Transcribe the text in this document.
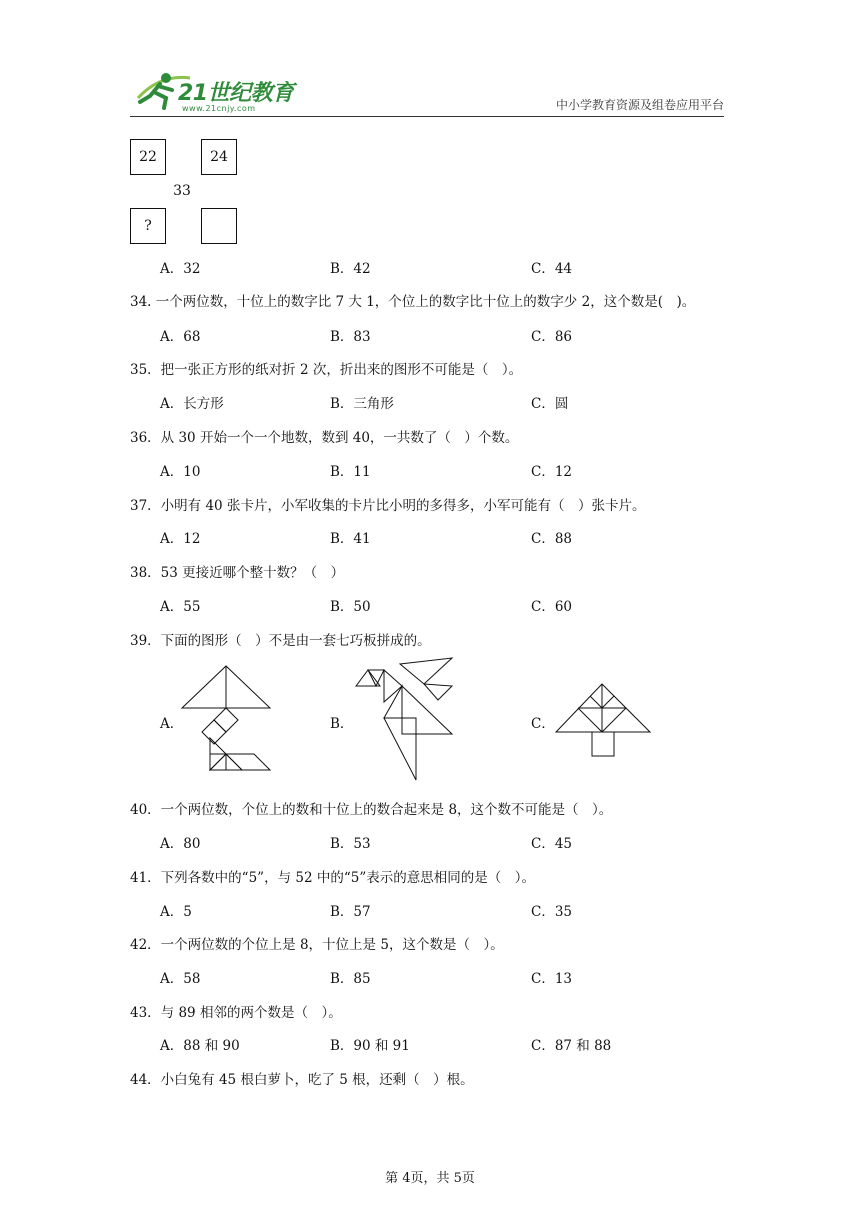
21世纪教育
www.21cnjy.com	中小学教育资源及组卷应用平台
22	24
33
?
A．32	B．42	C．44
34. 一个两位数，十位上的数字比 7 大 1，个位上的数字比十位上的数字少 2，这个数是(　)。
A．68	B．83	C．86
35．把一张正方形的纸对折 2 次，折出来的图形不可能是（　）。
A．长方形	B．三角形	C．圆
36．从 30 开始一个一个地数，数到 40，一共数了（　）个数。
A．10	B．11	C．12
37．小明有 40 张卡片，小军收集的卡片比小明的多得多，小军可能有（　）张卡片。
A．12	B．41	C．88
38．53 更接近哪个整十数？（　）
A．55	B．50	C．60
39．下面的图形（　）不是由一套七巧板拼成的。
A．	B．	C．
40．一个两位数，个位上的数和十位上的数合起来是 8，这个数不可能是（　）。
A．80	B．53	C．45
41．下列各数中的“5”，与 52 中的“5”表示的意思相同的是（　）。
A．5	B．57	C．35
42．一个两位数的个位上是 8，十位上是 5，这个数是（　）。
A．58	B．85	C．13
43．与 89 相邻的两个数是（　）。
A．88 和 90	B．90 和 91	C．87 和 88
44．小白兔有 45 根白萝卜，吃了 5 根，还剩（　）根。
第 4页，共 5页
